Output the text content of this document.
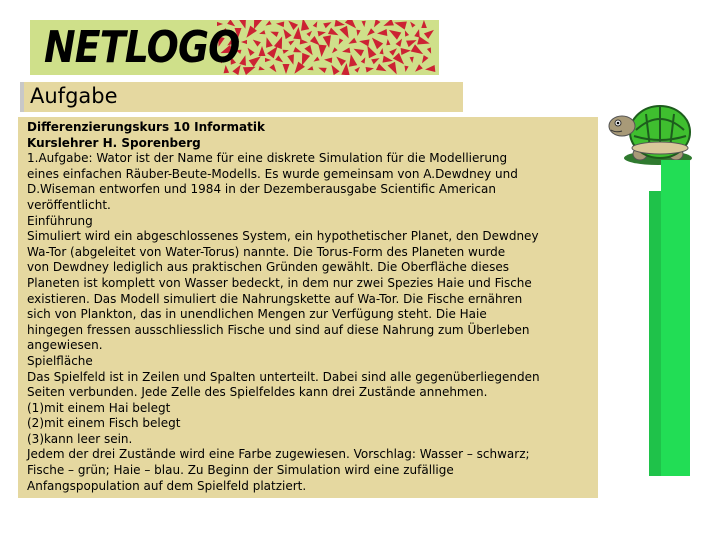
NETLOGO
Aufgabe

Differenzierungskurs 10 Informatik

Kurslehrer H. Sporenberg

1.Aufgabe: Wator ist der Name für eine diskrete Simulation für die Modellierung

eines einfachen Räuber-Beute-Modells. Es wurde gemeinsam von A.Dewdney und

D.Wiseman entworfen und 1984 in der Dezemberausgabe Scientific American

veröffentlicht.

Einführung

Simuliert wird ein abgeschlossenes System, ein hypothetischer Planet, den Dewdney

Wa-Tor (abgeleitet von Water-Torus) nannte. Die Torus-Form des Planeten wurde

von Dewdney lediglich aus praktischen Gründen gewählt. Die Oberfläche dieses

Planeten ist komplett von Wasser bedeckt, in dem nur zwei Spezies Haie und Fische

existieren. Das Modell simuliert die Nahrungskette auf Wa-Tor. Die Fische ernähren

sich von Plankton, das in unendlichen Mengen zur Verfügung steht. Die Haie

hingegen fressen ausschliesslich Fische und sind auf diese Nahrung zum Überleben

angewiesen.

Spielfläche

Das Spielfeld ist in Zeilen und Spalten unterteilt. Dabei sind alle gegenüberliegenden

Seiten verbunden. Jede Zelle des Spielfeldes kann drei Zustände annehmen.

(1)mit einem Hai belegt

(2)mit einem Fisch belegt

(3)kann leer sein.

Jedem der drei Zustände wird eine Farbe zugewiesen. Vorschlag: Wasser – schwarz;

Fische – grün; Haie – blau. Zu Beginn der Simulation wird eine zufällige

Anfangspopulation auf dem Spielfeld platziert.
